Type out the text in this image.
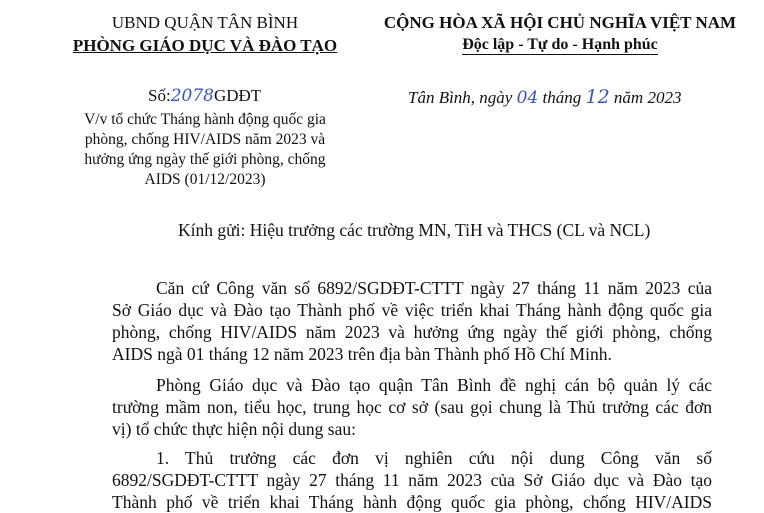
UBND QUẬN TÂN BÌNH
PHÒNG GIÁO DỤC VÀ ĐÀO TẠO
Số:2078GDĐT
V/v tổ chức Tháng hành động quốc gia
phòng, chống HIV/AIDS năm 2023 và
hưởng ứng ngày thế giới phòng, chống
AIDS (01/12/2023)
CỘNG HÒA XÃ HỘI CHỦ NGHĨA VIỆT NAM
Độc lập - Tự do - Hạnh phúc
Tân Bình, ngày 04 tháng 12 năm 2023
Kính gửi: Hiệu trưởng các trường MN, TiH và THCS (CL và NCL)
Căn cứ Công văn số 6892/SGDĐT-CTTT ngày 27 tháng 11 năm 2023 của
Sở Giáo dục và Đào tạo Thành phố về việc triển khai Tháng hành động quốc gia
phòng, chống HIV/AIDS năm 2023 và hưởng ứng ngày thế giới phòng, chống
AIDS ngà 01 tháng 12 năm 2023 trên địa bàn Thành phố Hồ Chí Minh.
Phòng Giáo dục và Đào tạo quận Tân Bình đề nghị cán bộ quản lý các
trường mầm non, tiểu học, trung học cơ sở (sau gọi chung là Thủ trưởng các đơn
vị) tổ chức thực hiện nội dung sau:
1. Thủ trưởng các đơn vị nghiên cứu nội dung Công văn số
6892/SGDĐT-CTTT ngày 27 tháng 11 năm 2023 của Sở Giáo dục và Đào tạo
Thành phố về triển khai Tháng hành động quốc gia phòng, chống HIV/AIDS
